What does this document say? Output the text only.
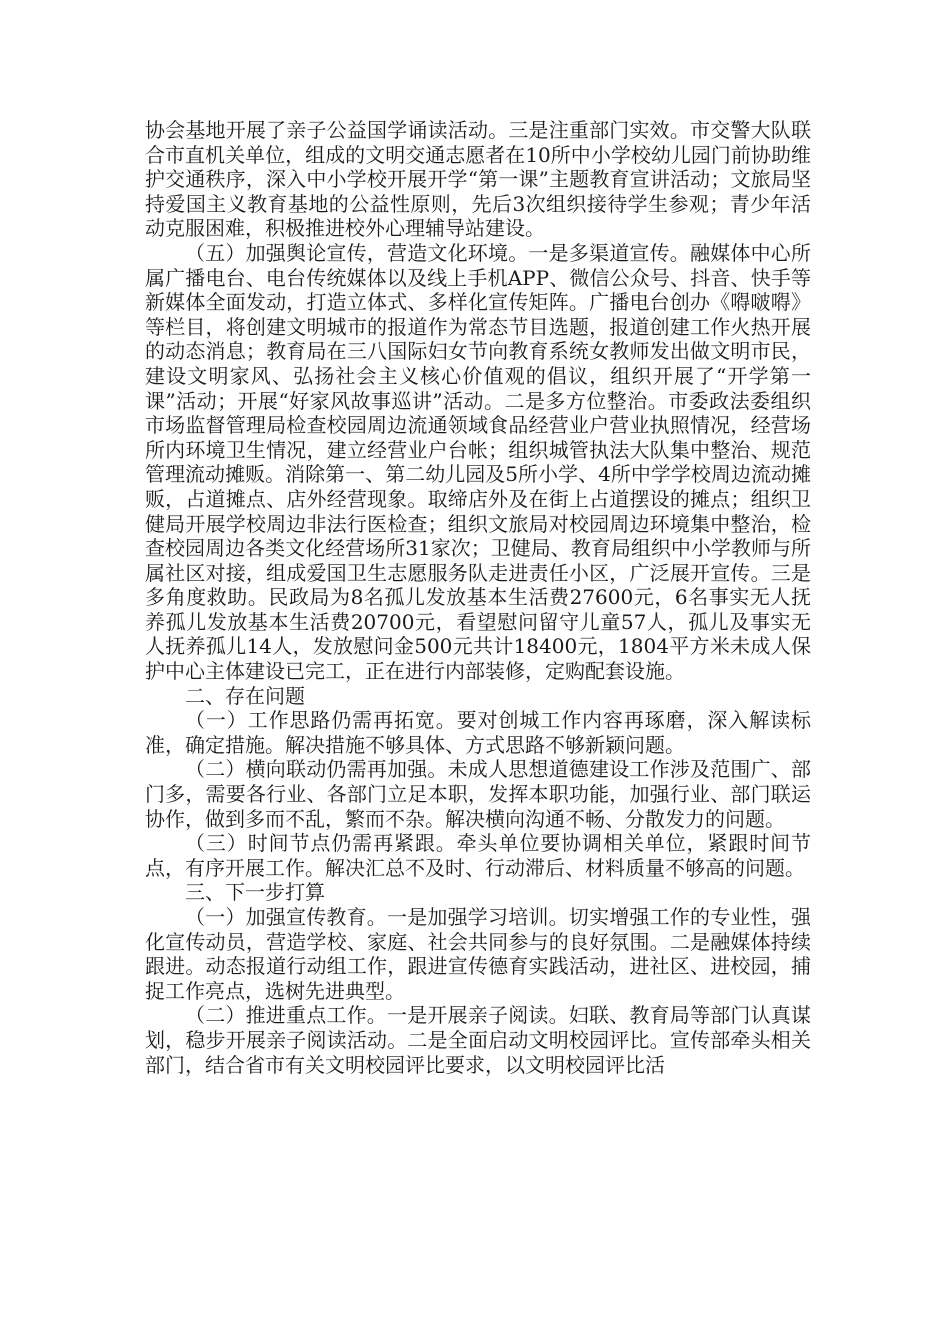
协会基地开展了亲子公益国学诵读活动。三是注重部门实效。市交警大队联合市直机关单位，组成的文明交通志愿者在10所中小学校幼儿园门前协助维护交通秩序，深入中小学校开展开学“第一课”主题教育宣讲活动；文旅局坚持爱国主义教育基地的公益性原则，先后3次组织接待学生参观；青少年活动克服困难，积极推进校外心理辅导站建设。

（五）加强舆论宣传，营造文化环境。一是多渠道宣传。融媒体中心所属广播电台、电台传统媒体以及线上手机APP、微信公众号、抖音、快手等新媒体全面发动，打造立体式、多样化宣传矩阵。广播电台创办《嘚啵嘚》等栏目，将创建文明城市的报道作为常态节目选题，报道创建工作火热开展的动态消息；教育局在三八国际妇女节向教育系统女教师发出做文明市民，建设文明家风、弘扬社会主义核心价值观的倡议，组织开展了“开学第一课”活动；开展“好家风故事巡讲”活动。二是多方位整治。市委政法委组织市场监督管理局检查校园周边流通领域食品经营业户营业执照情况，经营场所内环境卫生情况，建立经营业户台帐；组织城管执法大队集中整治、规范管理流动摊贩。消除第一、第二幼儿园及5所小学、4所中学学校周边流动摊贩，占道摊点、店外经营现象。取缔店外及在街上占道摆设的摊点；组织卫健局开展学校周边非法行医检查；组织文旅局对校园周边环境集中整治，检查校园周边各类文化经营场所31家次；卫健局、教育局组织中小学教师与所属社区对接，组成爱国卫生志愿服务队走进责任小区，广泛展开宣传。三是多角度救助。民政局为8名孤儿发放基本生活费27600元，6名事实无人抚养孤儿发放基本生活费20700元，看望慰问留守儿童57人，孤儿及事实无人抚养孤儿14人，发放慰问金500元共计18400元，1804平方米未成人保护中心主体建设已完工，正在进行内部装修，定购配套设施。

二、存在问题

（一）工作思路仍需再拓宽。要对创城工作内容再琢磨，深入解读标准，确定措施。解决措施不够具体、方式思路不够新颖问题。

（二）横向联动仍需再加强。未成人思想道德建设工作涉及范围广、部门多，需要各行业、各部门立足本职，发挥本职功能，加强行业、部门联运协作，做到多而不乱，繁而不杂。解决横向沟通不畅、分散发力的问题。

（三）时间节点仍需再紧跟。牵头单位要协调相关单位，紧跟时间节点，有序开展工作。解决汇总不及时、行动滞后、材料质量不够高的问题。

三、下一步打算

（一）加强宣传教育。一是加强学习培训。切实增强工作的专业性，强化宣传动员，营造学校、家庭、社会共同参与的良好氛围。二是融媒体持续跟进。动态报道行动组工作，跟进宣传德育实践活动，进社区、进校园，捕捉工作亮点，选树先进典型。

（二）推进重点工作。一是开展亲子阅读。妇联、教育局等部门认真谋划，稳步开展亲子阅读活动。二是全面启动文明校园评比。宣传部牵头相关部门，结合省市有关文明校园评比要求，以文明校园评比活
